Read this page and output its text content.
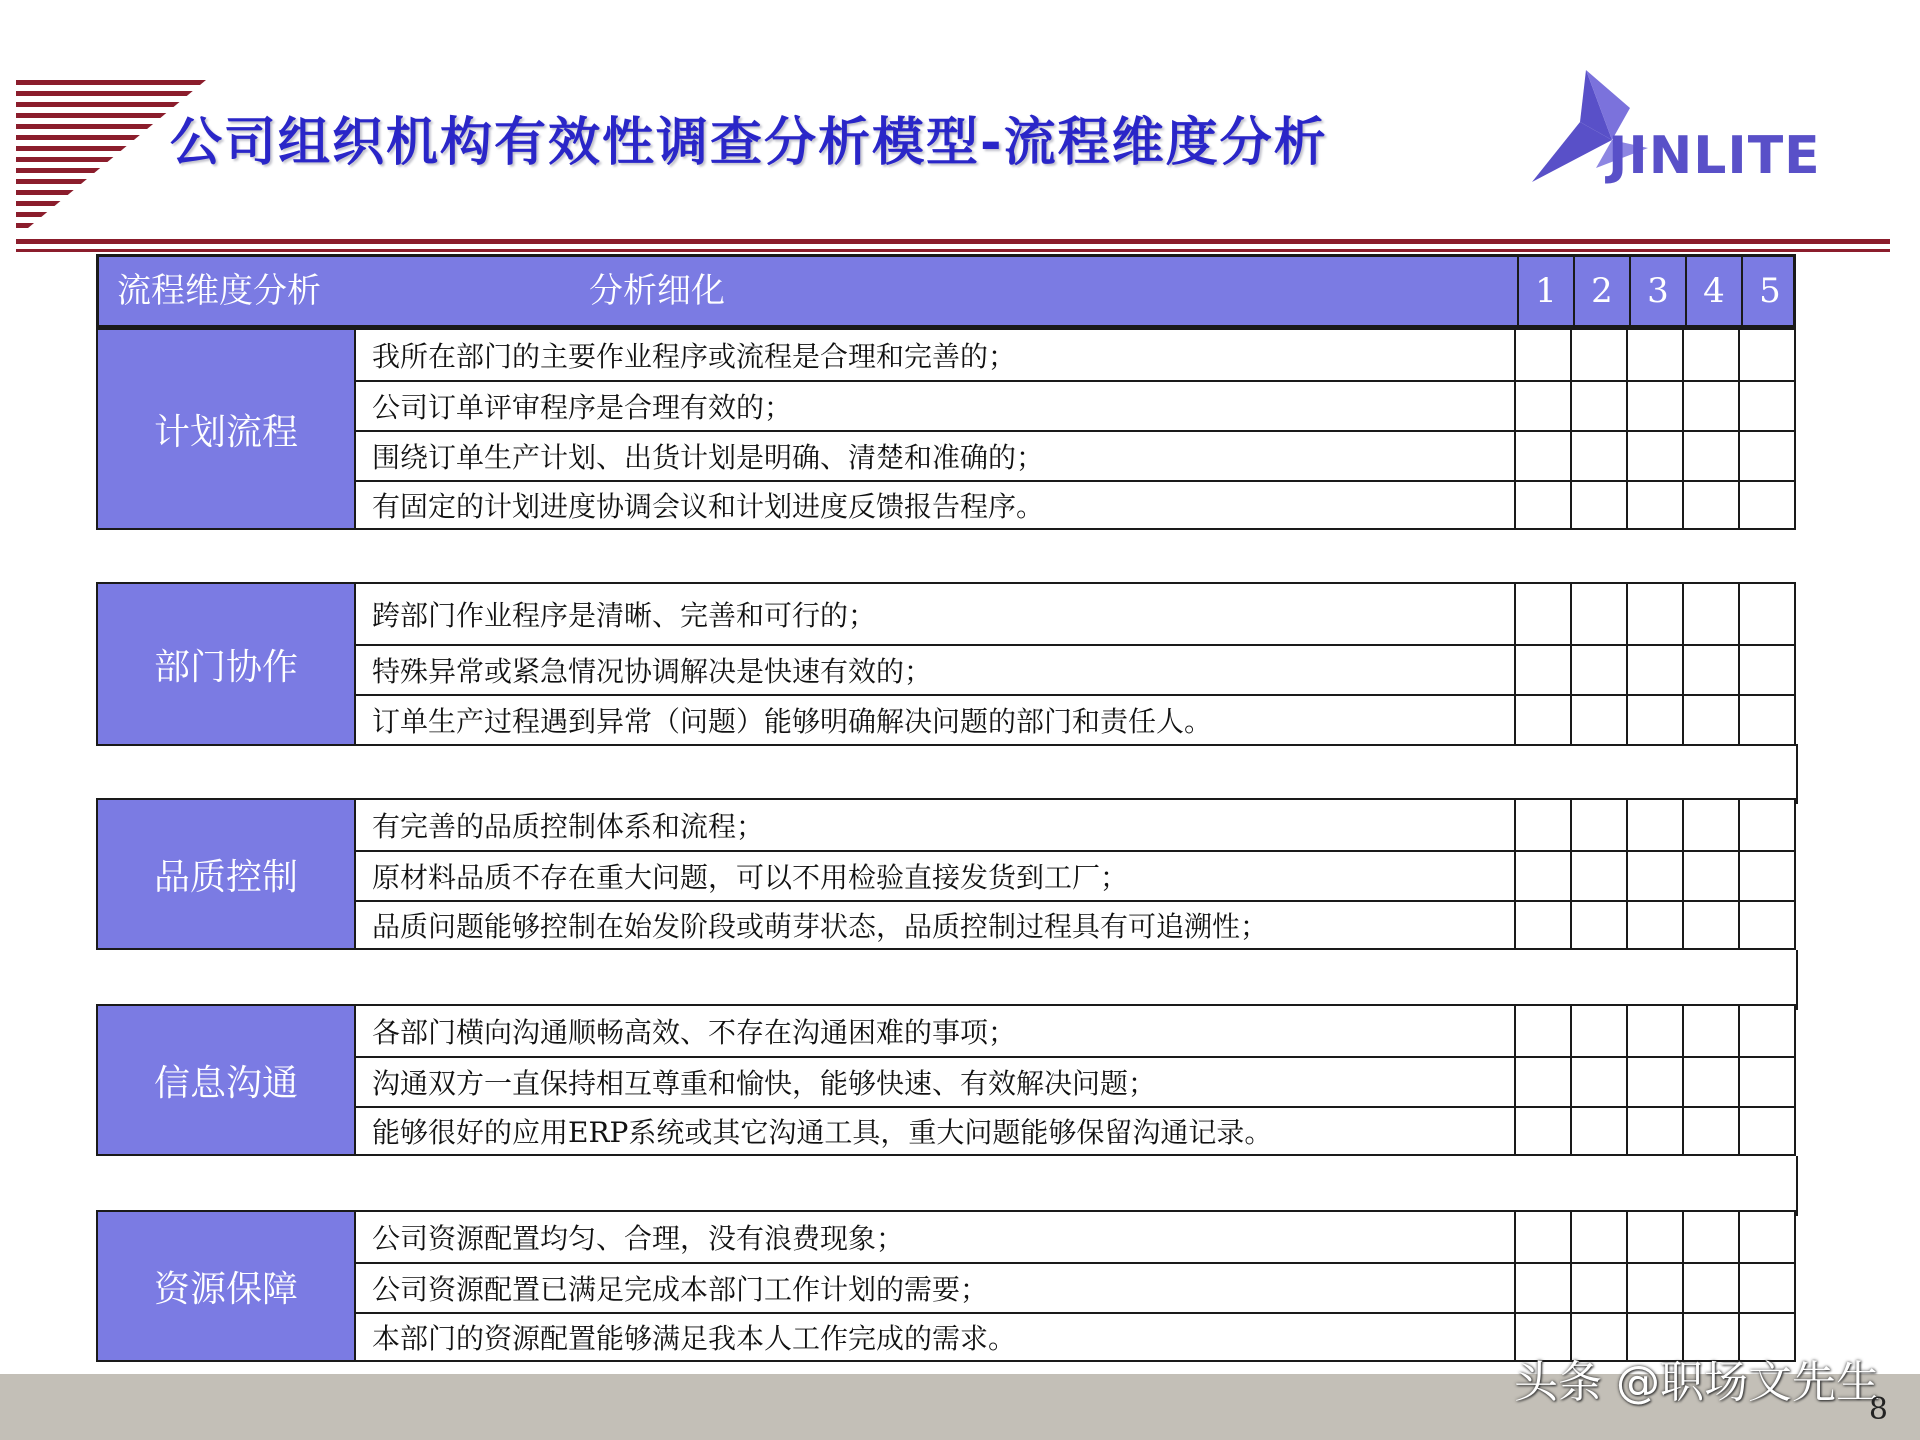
公司组织机构有效性调查分析模型-流程维度分析	JINLITE
流程维度分析	分析细化	1	2	3	4	5
计划流程
我所在部门的主要作业程序或流程是合理和完善的；
公司订单评审程序是合理有效的；
围绕订单生产计划、出货计划是明确、清楚和准确的；
有固定的计划进度协调会议和计划进度反馈报告程序。
部门协作
跨部门作业程序是清晰、完善和可行的；
特殊异常或紧急情况协调解决是快速有效的；
订单生产过程遇到异常（问题）能够明确解决问题的部门和责任人。
品质控制
有完善的品质控制体系和流程；
原材料品质不存在重大问题，可以不用检验直接发货到工厂；
品质问题能够控制在始发阶段或萌芽状态，品质控制过程具有可追溯性；
信息沟通
各部门横向沟通顺畅高效、不存在沟通困难的事项；
沟通双方一直保持相互尊重和愉快，能够快速、有效解决问题；
能够很好的应用ERP系统或其它沟通工具，重大问题能够保留沟通记录。
资源保障
公司资源配置均匀、合理，没有浪费现象；
公司资源配置已满足完成本部门工作计划的需要；
本部门的资源配置能够满足我本人工作完成的需求。
头条 @职场文先生
8
